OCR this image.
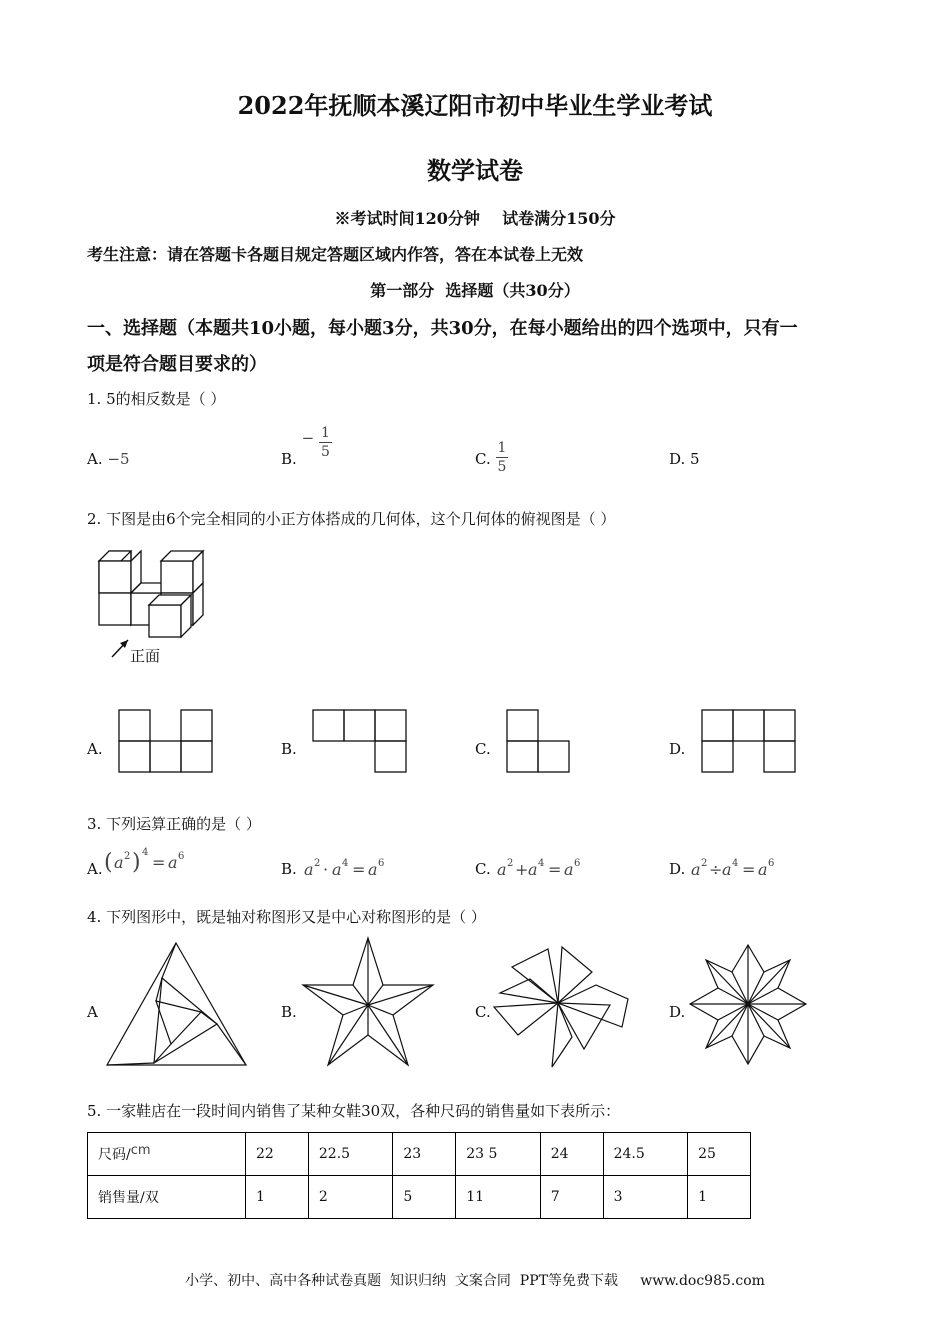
2022年抚顺本溪辽阳市初中毕业生学业考试
数学试卷
※考试时间120分钟    试卷满分150分
考生注意：请在答题卡各题目规定答题区域内作答，答在本试卷上无效
第一部分  选择题（共30分）
一、选择题（本题共10小题，每小题3分，共30分，在每小题给出的四个选项中，只有一
项是符合题目要求的）
1. 5的相反数是（ ）
A. −5	B. − $\frac{1}{5}$	C. $\frac{1}{5}$	D. 5
2. 下图是由6个完全相同的小正方体搭成的几何体，这个几何体的俯视图是（ ）
正面
A.	B.	C.	D.
3. 下列运算正确的是（ ）
A. ( a 2 ) 4
= a 6
B. a 2 · a 4 = a 6	C. a 2 + a 4 = a 6	D. a 2 ÷ a 4 = a 6
4. 下列图形中，既是轴对称图形又是中心对称图形的是（ ）
A	B.	C.	D.
5. 一家鞋店在一段时间内销售了某种女鞋30双，各种尺码的销售量如下表所示：
尺码/cm	22	22.5	23	23 5	24	24.5	25
销售量/双	1	2	5	11	7	3	1
小学、初中、高中各种试卷真题  知识归纳  文案合同  PPT等免费下载     www.doc985.com
